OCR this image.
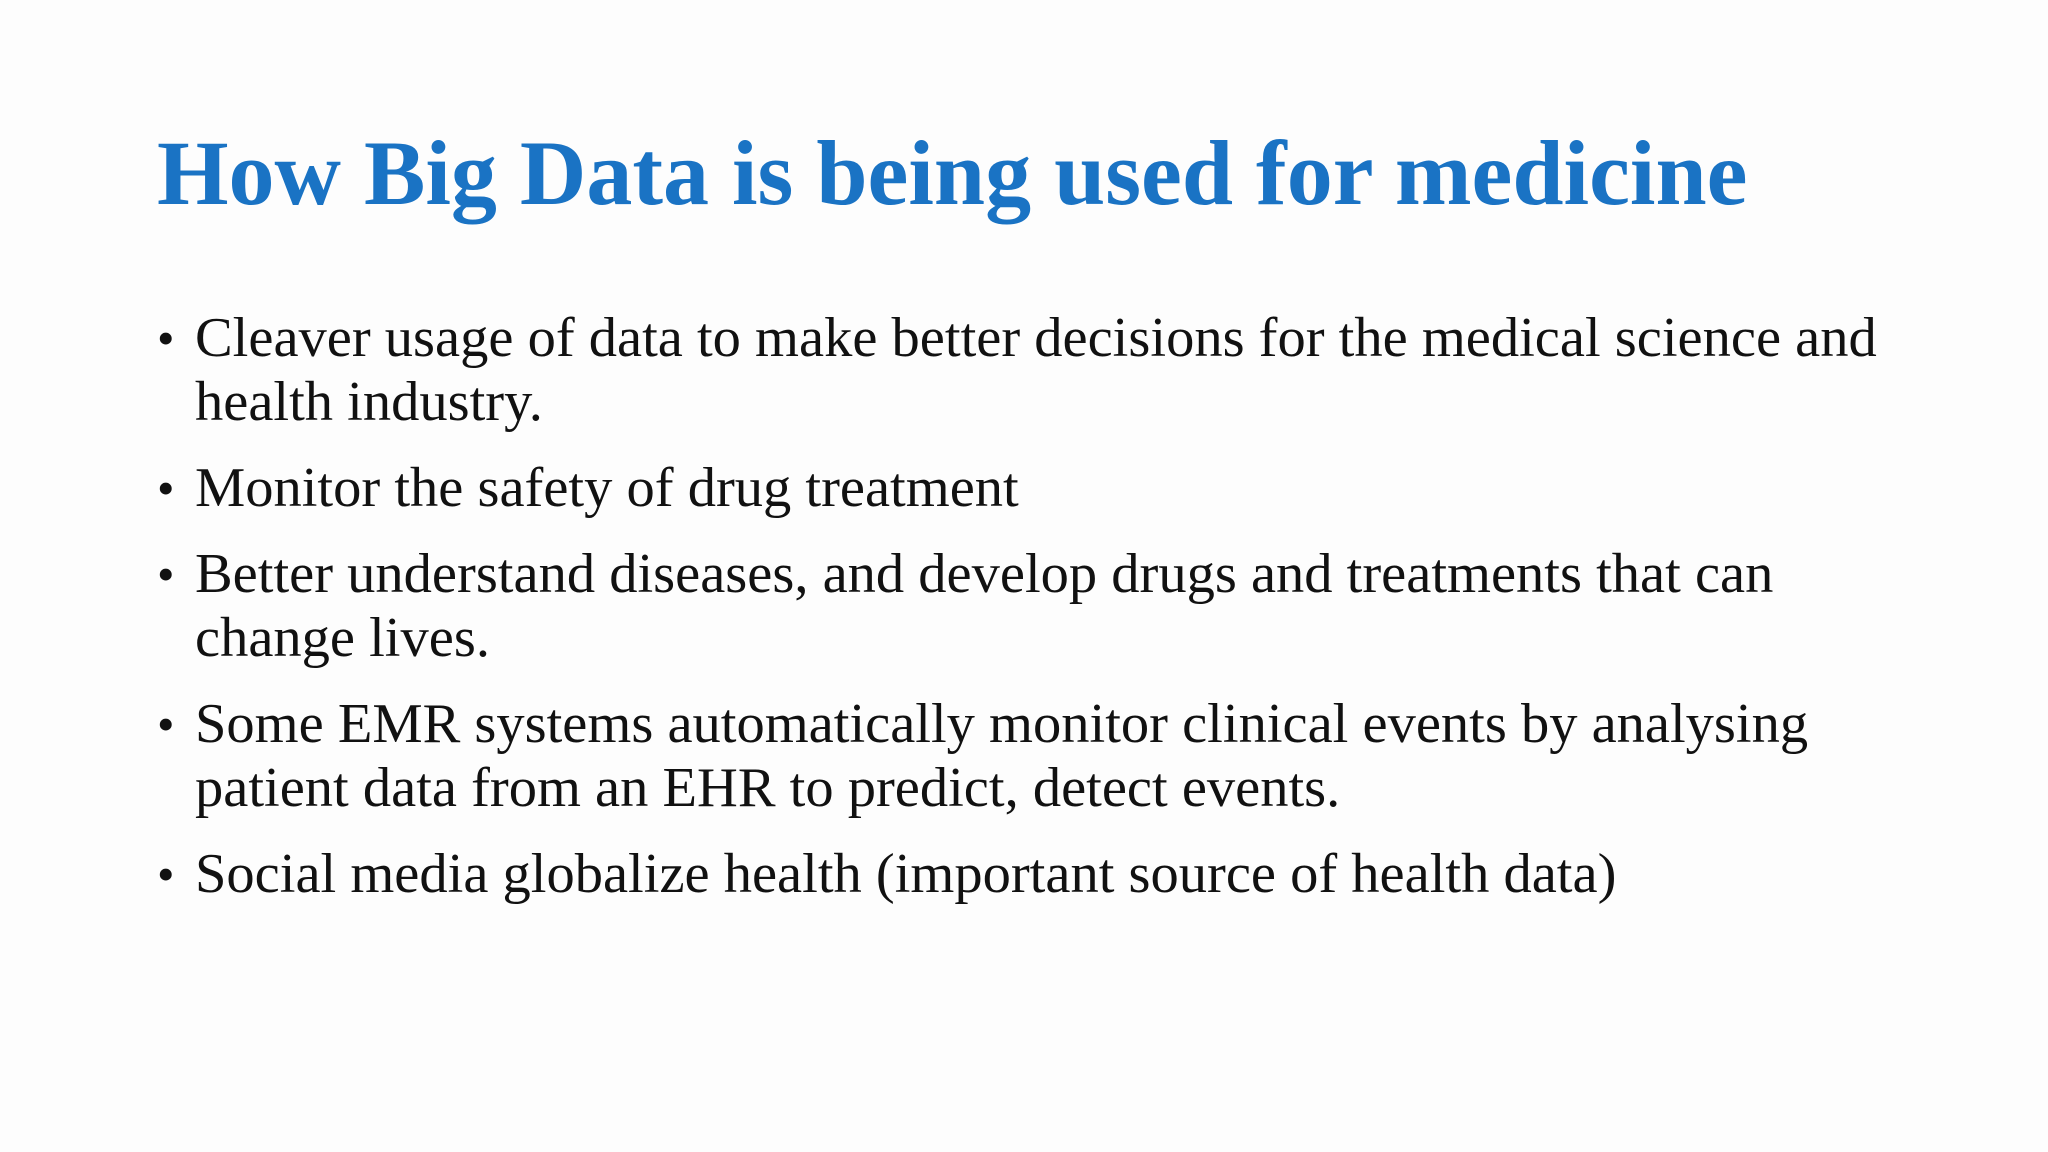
How Big Data is being used for medicine
• Cleaver usage of data to make better decisions for the medical science and health industry.
• Monitor the safety of drug treatment
• Better understand diseases, and develop drugs and treatments that can change lives.
• Some EMR systems automatically monitor clinical events by analysing patient data from an EHR to predict, detect events.
• Social media globalize health (important source of health data)
